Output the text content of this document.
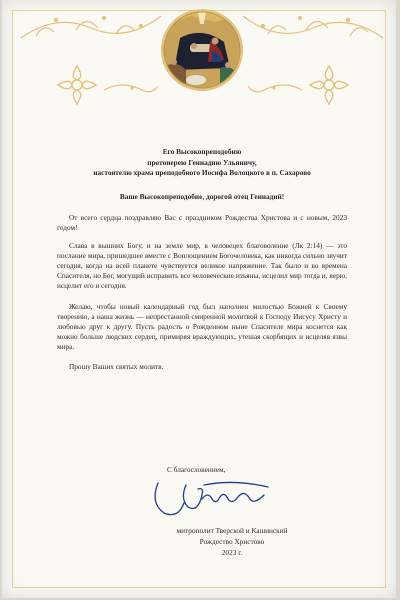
Его Высокопреподобию
протоиерею Геннадию Ульяничу,
настоятелю храма преподобного Иосифа Волоцкого в п. Сахарово
Ваше Высокопреподобие, дорогой отец Геннадий!

От всего сердца поздравляю Вас с праздником Рождества Христова и с новым, 2023 годом!

Слава в вышних Богу, и на земле мир, в человецех благоволение (Лк 2:14) — это послание мира, пришедшее вместе с Воплощением Богочеловека, как никогда сильно звучит сегодня, когда на всей планете чувствуется великое напряжение. Так было и во времена Спасителя, но Бог, могущий исправить все человеческие изъяны, исцелил мир тогда и, верю, исцелит его и сегодня.

Желаю, чтобы новый календарный год был наполнен милостью Божией к Своему творению, а наша жизнь — непрестанной смиренной молитвой к Господу Иисусу Христу и любовью друг к другу. Пусть радость о Рожденном ныне Спасителе мира коснется как можно больше людских сердец, примиряя враждующих, утешая скорбящих и исцеляя язвы мира.

Прошу Ваших святых молитв.

С благословением,
митрополит Тверской и Кашинский
Рождество Христово
2023 г.
